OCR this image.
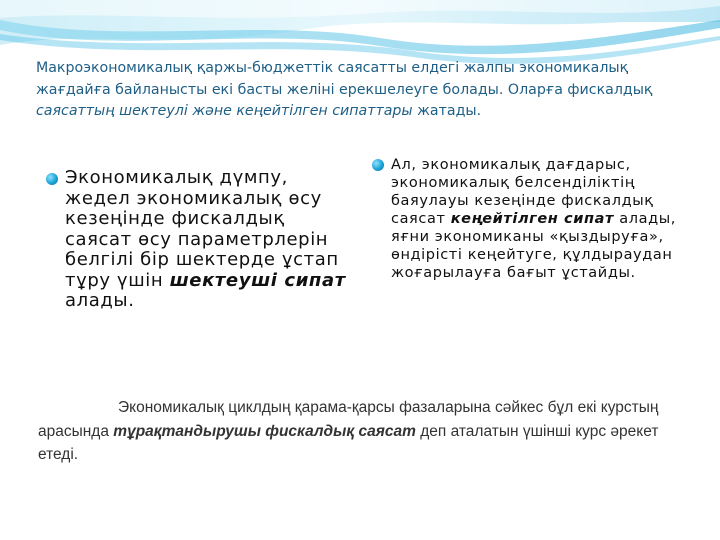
Макроэкономикалық қаржы-бюджеттік саясатты елдегі жалпы экономикалық жағдайға байланысты екі басты желіні ерекшелеуге болады. Оларға фискалдық саясаттың шектеулі және кеңейтілген сипаттары жатады.
Экономикалық дүмпу, жедел экономикалық өсу кезеңінде фискалдық саясат өсу параметрлерін белгілі бір шектерде ұстап тұру үшін шектеуші сипат алады.
Ал, экономикалық дағдарыс, экономикалық белсенділіктің баяулауы кезеңінде фискалдық саясат кеңейтілген сипат алады, яғни экономиканы «қыздыруға», өндірісті кеңейтуге, құлдыраудан жоғарылауға бағыт ұстайды.
Экономикалық циклдың қарама-қарсы фазаларына сәйкес бұл екі курстың арасында тұрақтандырушы фискалдық саясат деп аталатын үшінші курс әрекет етеді.
